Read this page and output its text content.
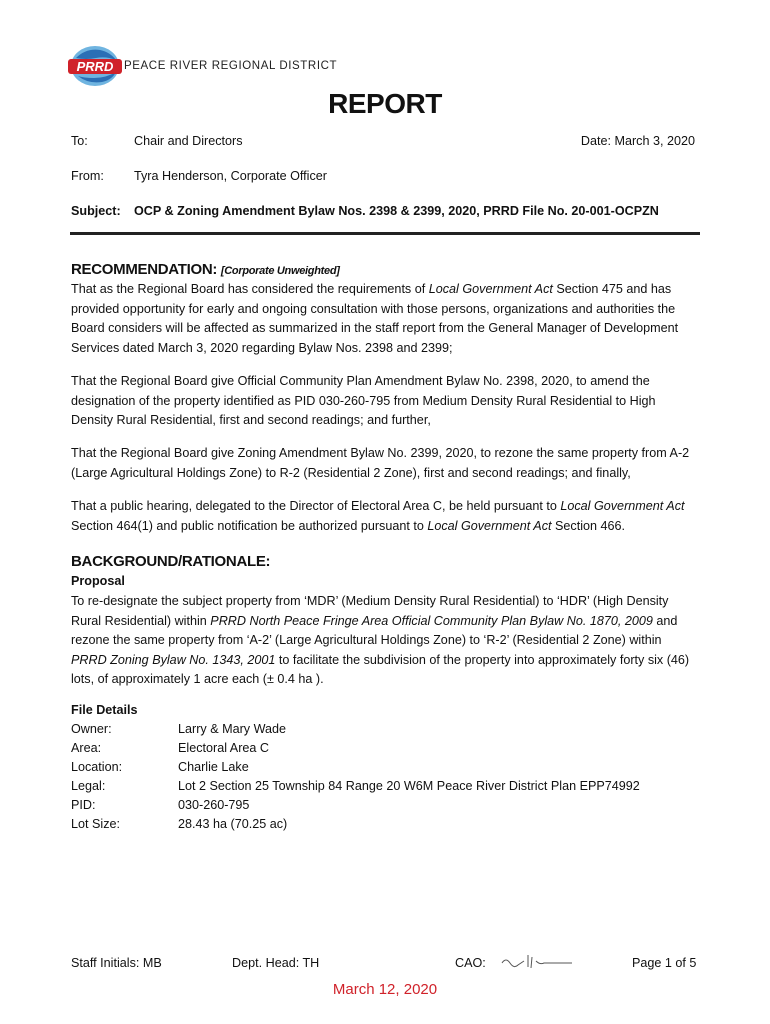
PRRD PEACE RIVER REGIONAL DISTRICT
REPORT
To:	Chair and Directors	Date: March 3, 2020
From: Tyra Henderson, Corporate Officer
Subject: OCP & Zoning Amendment Bylaw Nos. 2398 & 2399, 2020, PRRD File No. 20-001-OCPZN
RECOMMENDATION: [Corporate Unweighted]
That as the Regional Board has considered the requirements of Local Government Act Section 475 and has provided opportunity for early and ongoing consultation with those persons, organizations and authorities the Board considers will be affected as summarized in the staff report from the General Manager of Development Services dated March 3, 2020 regarding Bylaw Nos. 2398 and 2399;
That the Regional Board give Official Community Plan Amendment Bylaw No. 2398, 2020, to amend the designation of the property identified as PID 030-260-795 from Medium Density Rural Residential to High Density Rural Residential, first and second readings; and further,
That the Regional Board give Zoning Amendment Bylaw No. 2399, 2020, to rezone the same property from A-2 (Large Agricultural Holdings Zone) to R-2 (Residential 2 Zone), first and second readings; and finally,
That a public hearing, delegated to the Director of Electoral Area C, be held pursuant to Local Government Act Section 464(1) and public notification be authorized pursuant to Local Government Act Section 466.
BACKGROUND/RATIONALE:
Proposal
To re-designate the subject property from ‘MDR’ (Medium Density Rural Residential) to ‘HDR’ (High Density Rural Residential) within PRRD North Peace Fringe Area Official Community Plan Bylaw No. 1870, 2009 and rezone the same property from ‘A-2’ (Large Agricultural Holdings Zone) to ‘R-2’ (Residential 2 Zone) within PRRD Zoning Bylaw No. 1343, 2001 to facilitate the subdivision of the property into approximately forty six (46) lots, of approximately 1 acre each (± 0.4 ha ).
File Details
Owner:	Larry & Mary Wade
Area:	Electoral Area C
Location:	Charlie Lake
Legal:	Lot 2 Section 25 Township 84 Range 20 W6M Peace River District Plan EPP74992
PID:	030-260-795
Lot Size:	28.43 ha (70.25 ac)
Staff Initials: MB	Dept. Head: TH	CAO:	Page 1 of 5
March 12, 2020
